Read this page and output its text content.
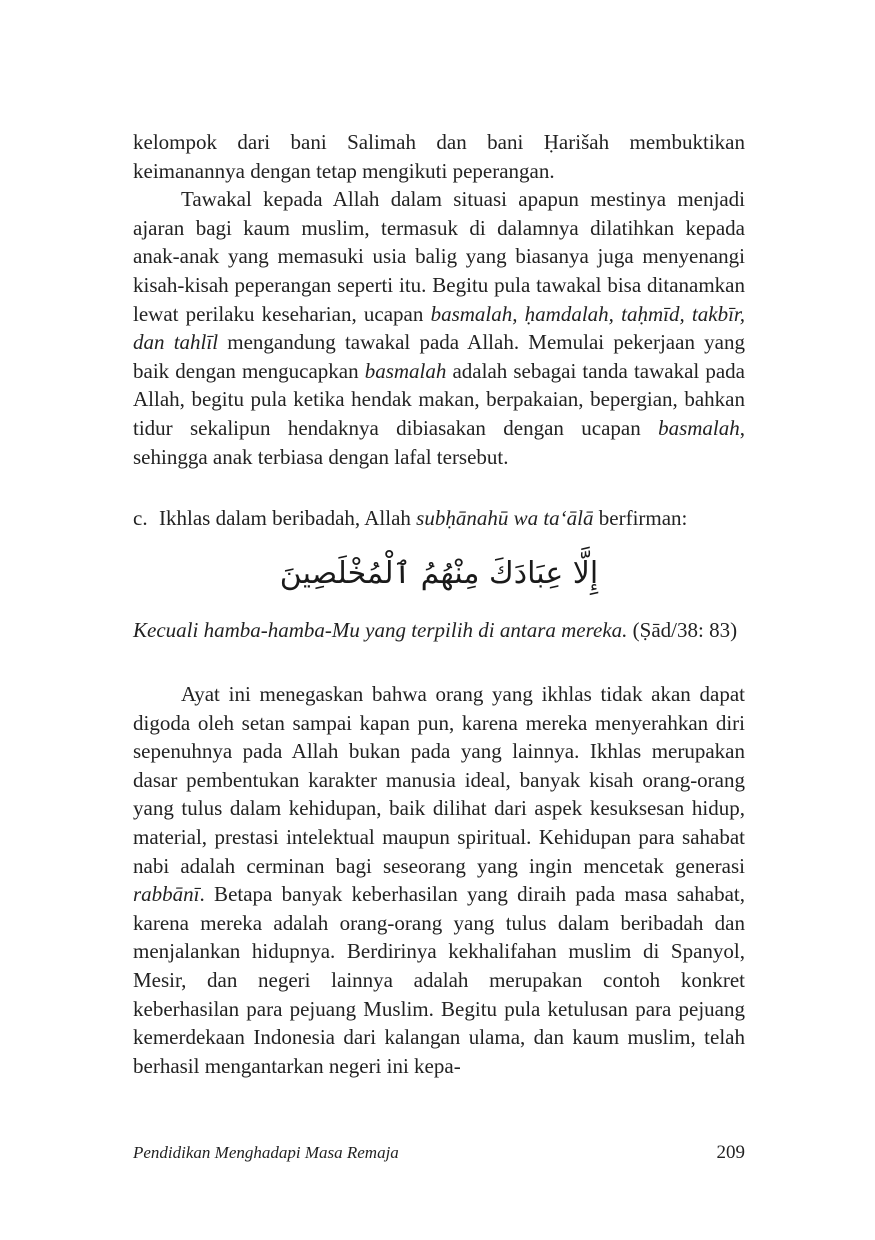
kelompok dari bani Salimah dan bani Ḥarišah membuktikan keimanannya dengan tetap mengikuti peperangan.

Tawakal kepada Allah dalam situasi apapun mestinya menjadi ajaran bagi kaum muslim, termasuk di dalamnya dilatihkan kepada anak-anak yang memasuki usia balig yang biasanya juga menyenangi kisah-kisah peperangan seperti itu. Begitu pula tawakal bisa ditanamkan lewat perilaku keseharian, ucapan basmalah, ḥamdalah, taḥmīd, takbīr, dan tahlīl mengandung tawakal pada Allah. Memulai pekerjaan yang baik dengan mengucapkan basmalah adalah sebagai tanda tawakal pada Allah, begitu pula ketika hendak makan, berpakaian, bepergian, bahkan tidur sekalipun hendaknya dibiasakan dengan ucapan basmalah, sehingga anak terbiasa dengan lafal tersebut.

c. Ikhlas dalam beribadah, Allah subḥānahū wa ta‘ālā berfirman:
إِلَّا عِبَادَكَ مِنْهُمُ ٱلْمُخْلَصِينَ
Kecuali hamba-hamba-Mu yang terpilih di antara mereka. (Ṣād/38: 83)

Ayat ini menegaskan bahwa orang yang ikhlas tidak akan dapat digoda oleh setan sampai kapan pun, karena mereka menyerahkan diri sepenuhnya pada Allah bukan pada yang lainnya. Ikhlas merupakan dasar pembentukan karakter manusia ideal, banyak kisah orang-orang yang tulus dalam kehidupan, baik dilihat dari aspek kesuksesan hidup, material, prestasi intelektual maupun spiritual. Kehidupan para sahabat nabi adalah cerminan bagi seseorang yang ingin mencetak generasi rabbānī. Betapa banyak keberhasilan yang diraih pada masa sahabat, karena mereka adalah orang-orang yang tulus dalam beribadah dan menjalankan hidupnya. Berdirinya kekhalifahan muslim di Spanyol, Mesir, dan negeri lainnya adalah merupakan contoh konkret keberhasilan para pejuang Muslim. Begitu pula ketulusan para pejuang kemerdekaan Indonesia dari kalangan ulama, dan kaum muslim, telah berhasil mengantarkan negeri ini kepa-

Pendidikan Menghadapi Masa Remaja	209
